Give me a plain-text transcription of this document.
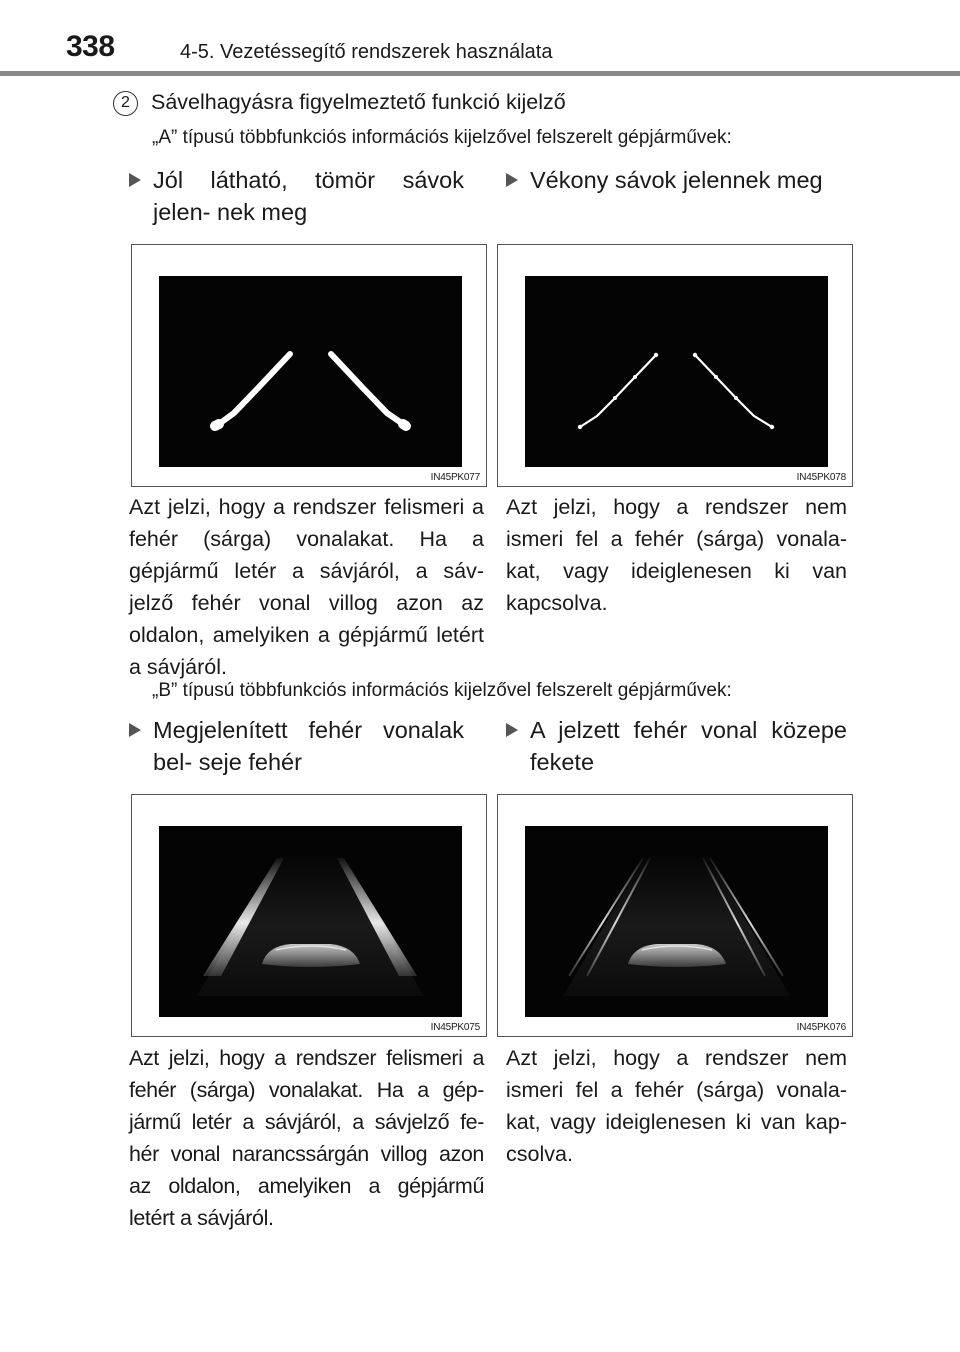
338	4-5. Vezetéssegítő rendszerek használata
2 Sávelhagyásra figyelmeztető funkció kijelző
„A” típusú többfunkciós információs kijelzővel felszerelt gépjárművek:
Jól látható, tömör sávok jelen- nek meg
Vékony sávok jelennek meg
IN45PK077	IN45PK078
Azt jelzi, hogy a rendszer felismeri a fehér (sárga) vonalakat. Ha a gépjármű letér a sávjáról, a sáv- jelző fehér vonal villog azon az oldalon, amelyiken a gépjármű letért a sávjáról.
Azt jelzi, hogy a rendszer nem ismeri fel a fehér (sárga) vonala- kat, vagy ideiglenesen ki van kapcsolva.
„B” típusú többfunkciós információs kijelzővel felszerelt gépjárművek:
Megjelenített fehér vonalak bel- seje fehér
A jelzett fehér vonal közepe fekete
IN45PK075	IN45PK076
Azt jelzi, hogy a rendszer felismeri a fehér (sárga) vonalakat. Ha a gép- jármű letér a sávjáról, a sávjelző fe- hér vonal narancssárgán villog azon az oldalon, amelyiken a gépjármű letért a sávjáról.
Azt jelzi, hogy a rendszer nem ismeri fel a fehér (sárga) vonala- kat, vagy ideiglenesen ki van kap- csolva.
